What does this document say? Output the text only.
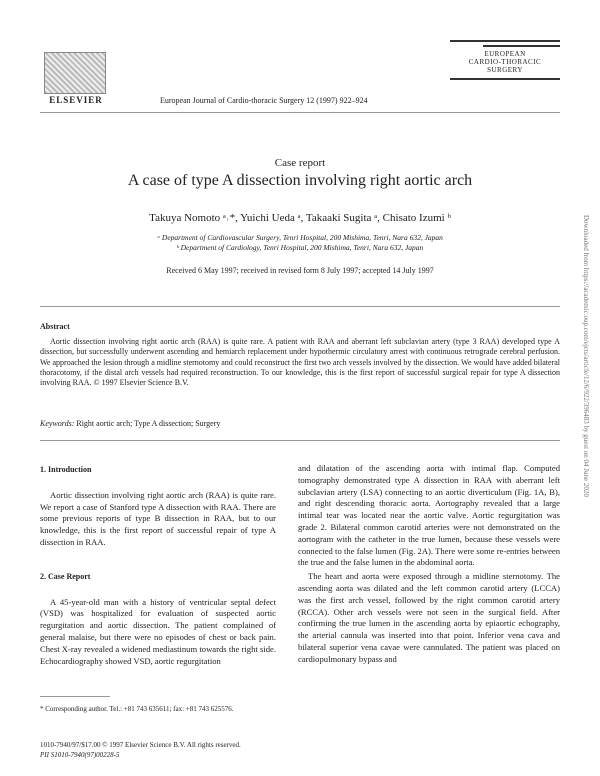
ELSEVIER	European Journal of Cardio-thoracic Surgery 12 (1997) 922–924
EUROPEAN
CARDIO-THORACIC
SURGERY
Case report
A case of type A dissection involving right aortic arch
Takuya Nomoto ᵃ˒*, Yuichi Ueda ᵃ, Takaaki Sugita ᵃ, Chisato Izumi ᵇ
ᵃ Department of Cardiovascular Surgery, Tenri Hospital, 200 Mishima, Tenri, Nara 632, Japan
ᵇ Department of Cardiology, Tenri Hospital, 200 Mishima, Tenri, Nara 632, Japan
Received 6 May 1997; received in revised form 8 July 1997; accepted 14 July 1997
Abstract
Aortic dissection involving right aortic arch (RAA) is quite rare. A patient with RAA and aberrant left subclavian artery (type 3 RAA) developed type A dissection, but successfully underwent ascending and hemiarch replacement under hypothermic circulatory arrest with continuous retrograde cerebral perfusion. We approached the lesion through a midline sternotomy and could reconstruct the first two arch vessels involved by the dissection. We would have added bilateral thoracotomy, if the distal arch vessels had required reconstruction. To our knowledge, this is the first report of successful surgical repair for type A dissection involving RAA. © 1997 Elsevier Science B.V.
Keywords: Right aortic arch; Type A dissection; Surgery
1. Introduction

Aortic dissection involving right aortic arch (RAA) is quite rare. We report a case of Stanford type A dissection with RAA. There are some previous reports of type B dissection in RAA, but to our knowledge, this is the first report of successful repair of type A dissection in RAA.

2. Case Report

A 45-year-old man with a history of ventricular septal defect (VSD) was hospitalized for evaluation of suspected aortic regurgitation and aortic dissection. The patient complained of general malaise, but there were no episodes of chest or back pain. Chest X-ray revealed a widened mediastinum towards the right side. Echocardiography showed VSD, aortic regurgitation

and dilatation of the ascending aorta with intimal flap. Computed tomography demonstrated type A dissection in RAA with aberrant left subclavian artery (LSA) connecting to an aortic diverticulum (Fig. 1A, B), and right descending thoracic aorta. Aortography revealed that a large intimal tear was located near the aortic valve. Aortic regurgitation was grade 2. Bilateral common carotid arteries were not demonstrated on the aortogram with the catheter in the true lumen, because these vessels were connected to the false lumen (Fig. 2A). There were some re-entries between the true and the false lumen in the abdominal aorta.

The heart and aorta were exposed through a midline sternotomy. The ascending aorta was dilated and the left common carotid artery (LCCA) was the first arch vessel, followed by the right common carotid artery (RCCA). Other arch vessels were not seen in the surgical field. After confirming the true lumen in the ascending aorta by epiaortic echography, the arterial cannula was inserted into that point. Inferior vena cava and bilateral superior vena cavae were cannulated. The patient was placed on cardiopulmonary bypass and

* Corresponding author. Tel.: +81 743 635611; fax: +81 743 625576.
1010-7940/97/$17.00 © 1997 Elsevier Science B.V. All rights reserved.
PII S1010-7940(97)00228-5
Downloaded from https://academic.oup.com/ejcts/article/12/6/922/396483 by guest on 04 June 2020
